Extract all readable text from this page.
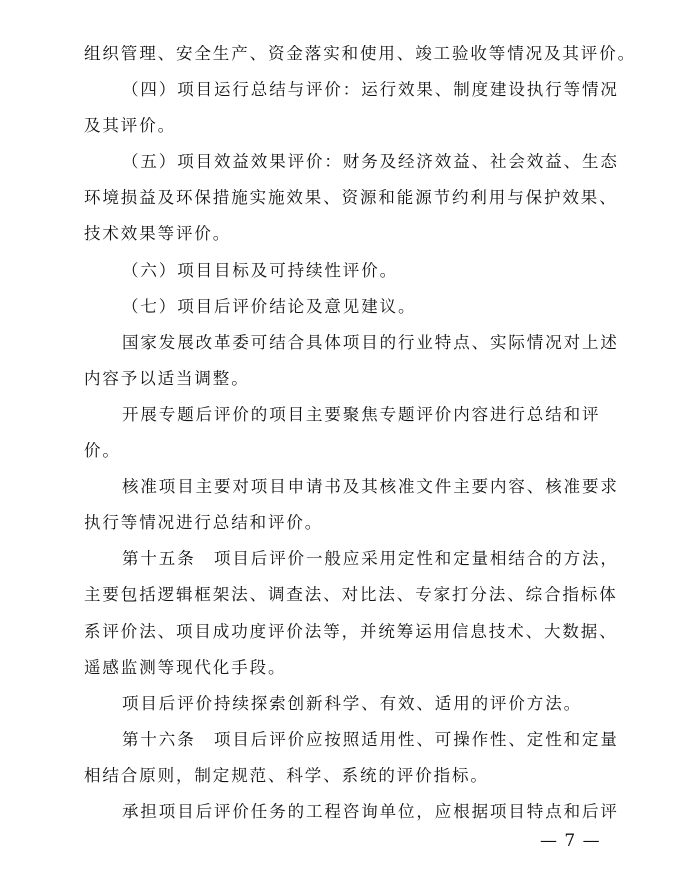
组织管理、安全生产、资金落实和使用、竣工验收等情况及其评价。

（四）项目运行总结与评价：运行效果、制度建设执行等情况

及其评价。

（五）项目效益效果评价：财务及经济效益、社会效益、生态

环境损益及环保措施实施效果、资源和能源节约利用与保护效果、

技术效果等评价。

（六）项目目标及可持续性评价。

（七）项目后评价结论及意见建议。

国家发展改革委可结合具体项目的行业特点、实际情况对上述

内容予以适当调整。

开展专题后评价的项目主要聚焦专题评价内容进行总结和评

价。

核准项目主要对项目申请书及其核准文件主要内容、核准要求

执行等情况进行总结和评价。

第十五条　项目后评价一般应采用定性和定量相结合的方法，

主要包括逻辑框架法、调查法、对比法、专家打分法、综合指标体

系评价法、项目成功度评价法等，并统筹运用信息技术、大数据、

遥感监测等现代化手段。

项目后评价持续探索创新科学、有效、适用的评价方法。

第十六条　项目后评价应按照适用性、可操作性、定性和定量

相结合原则，制定规范、科学、系统的评价指标。

承担项目后评价任务的工程咨询单位，应根据项目特点和后评

— 7 —
